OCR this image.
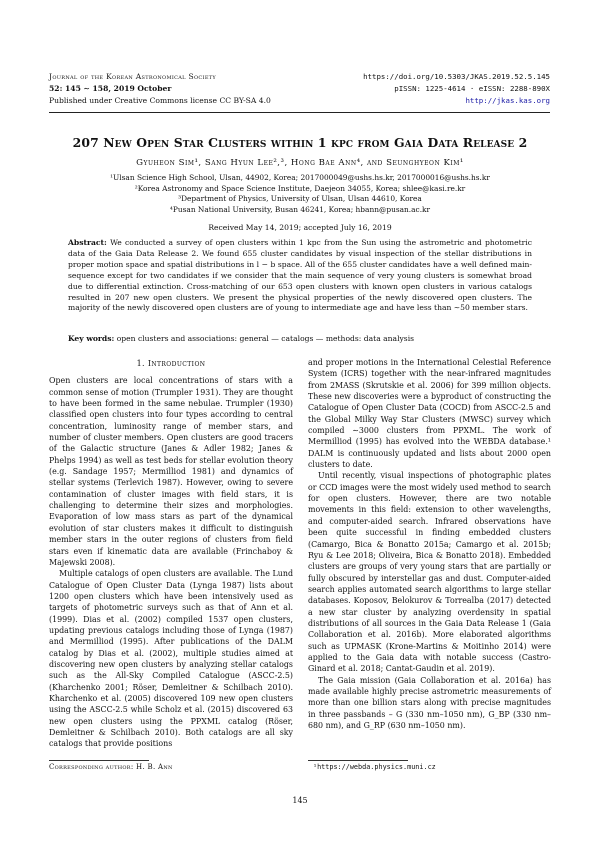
Journal of the Korean Astronomical Society
52: 145 ∼ 158, 2019 October
Published under Creative Commons license CC BY-SA 4.0
https://doi.org/10.5303/JKAS.2019.52.5.145
pISSN: 1225-4614 · eISSN: 2288-890X
http://jkas.kas.org
207 New Open Star Clusters within 1 kpc from Gaia Data Release 2
Gyuheon Sim¹, Sang Hyun Lee²,³, Hong Bae Ann⁴, and Seunghyeon Kim¹
¹Ulsan Science High School, Ulsan, 44902, Korea; 2017000049@ushs.hs.kr, 2017000016@ushs.hs.kr
²Korea Astronomy and Space Science Institute, Daejeon 34055, Korea; shlee@kasi.re.kr
³Department of Physics, University of Ulsan, Ulsan 44610, Korea
⁴Pusan National University, Busan 46241, Korea; hbann@pusan.ac.kr
Received May 14, 2019; accepted July 16, 2019
Abstract: We conducted a survey of open clusters within 1 kpc from the Sun using the astrometric and photometric data of the Gaia Data Release 2. We found 655 cluster candidates by visual inspection of the stellar distributions in proper motion space and spatial distributions in l − b space. All of the 655 cluster candidates have a well defined main-sequence except for two candidates if we consider that the main sequence of very young clusters is somewhat broad due to differential extinction. Cross-matching of our 653 open clusters with known open clusters in various catalogs resulted in 207 new open clusters. We present the physical properties of the newly discovered open clusters. The majority of the newly discovered open clusters are of young to intermediate age and have less than ∼50 member stars.
Key words: open clusters and associations: general — catalogs — methods: data analysis
1. Introduction

Open clusters are local concentrations of stars with a common sense of motion (Trumpler 1931). They are thought to have been formed in the same nebulae. Trumpler (1930) classified open clusters into four types according to central concentration, luminosity range of member stars, and number of cluster members. Open clusters are good tracers of the Galactic structure (Janes & Adler 1982; Janes & Phelps 1994) as well as test beds for stellar evolution theory (e.g. Sandage 1957; Mermilliod 1981) and dynamics of stellar systems (Terlevich 1987). However, owing to severe contamination of cluster images with field stars, it is challenging to determine their sizes and morphologies. Evaporation of low mass stars as part of the dynamical evolution of star clusters makes it difficult to distinguish member stars in the outer regions of clusters from field stars even if kinematic data are available (Frinchaboy & Majewski 2008).

Multiple catalogs of open clusters are available. The Lund Catalogue of Open Cluster Data (Lynga 1987) lists about 1200 open clusters which have been intensively used as targets of photometric surveys such as that of Ann et al. (1999). Dias et al. (2002) compiled 1537 open clusters, updating previous catalogs including those of Lynga (1987) and Mermilliod (1995). After publications of the DALM catalog by Dias et al. (2002), multiple studies aimed at discovering new open clusters by analyzing stellar catalogs such as the All-Sky Compiled Catalogue (ASCC-2.5) (Kharchenko 2001; Röser, Demleitner & Schilbach 2010). Kharchenko et al. (2005) discovered 109 new open clusters using the ASCC-2.5 while Scholz et al. (2015) discovered 63 new open clusters using the PPXML catalog (Röser, Demleitner & Schilbach 2010). Both catalogs are all sky catalogs that provide positions

and proper motions in the International Celestial Reference System (ICRS) together with the near-infrared magnitudes from 2MASS (Skrutskie et al. 2006) for 399 million objects. These new discoveries were a byproduct of constructing the Catalogue of Open Cluster Data (COCD) from ASCC-2.5 and the Global Milky Way Star Clusters (MWSC) survey which compiled ∼3000 clusters from PPXML. The work of Mermilliod (1995) has evolved into the WEBDA database.¹ DALM is continuously updated and lists about 2000 open clusters to date.

Until recently, visual inspections of photographic plates or CCD images were the most widely used method to search for open clusters. However, there are two notable movements in this field: extension to other wavelengths, and computer-aided search. Infrared observations have been quite successful in finding embedded clusters (Camargo, Bica & Bonatto 2015a; Camargo et al. 2015b; Ryu & Lee 2018; Oliveira, Bica & Bonatto 2018). Embedded clusters are groups of very young stars that are partially or fully obscured by interstellar gas and dust. Computer-aided search applies automated search algorithms to large stellar databases. Koposov, Belokurov & Torrealba (2017) detected a new star cluster by analyzing overdensity in spatial distributions of all sources in the Gaia Data Release 1 (Gaia Collaboration et al. 2016b). More elaborated algorithms such as UPMASK (Krone-Martins & Moitinho 2014) were applied to the Gaia data with notable success (Castro-Ginard et al. 2018; Cantat-Gaudin et al. 2019).

The Gaia mission (Gaia Collaboration et al. 2016a) has made available highly precise astrometric measurements of more than one billion stars along with precise magnitudes in three passbands – G (330 nm–1050 nm), G_BP (330 nm–680 nm), and G_RP (630 nm–1050 nm).

Corresponding author: H. B. Ann	¹https://webda.physics.muni.cz
145
